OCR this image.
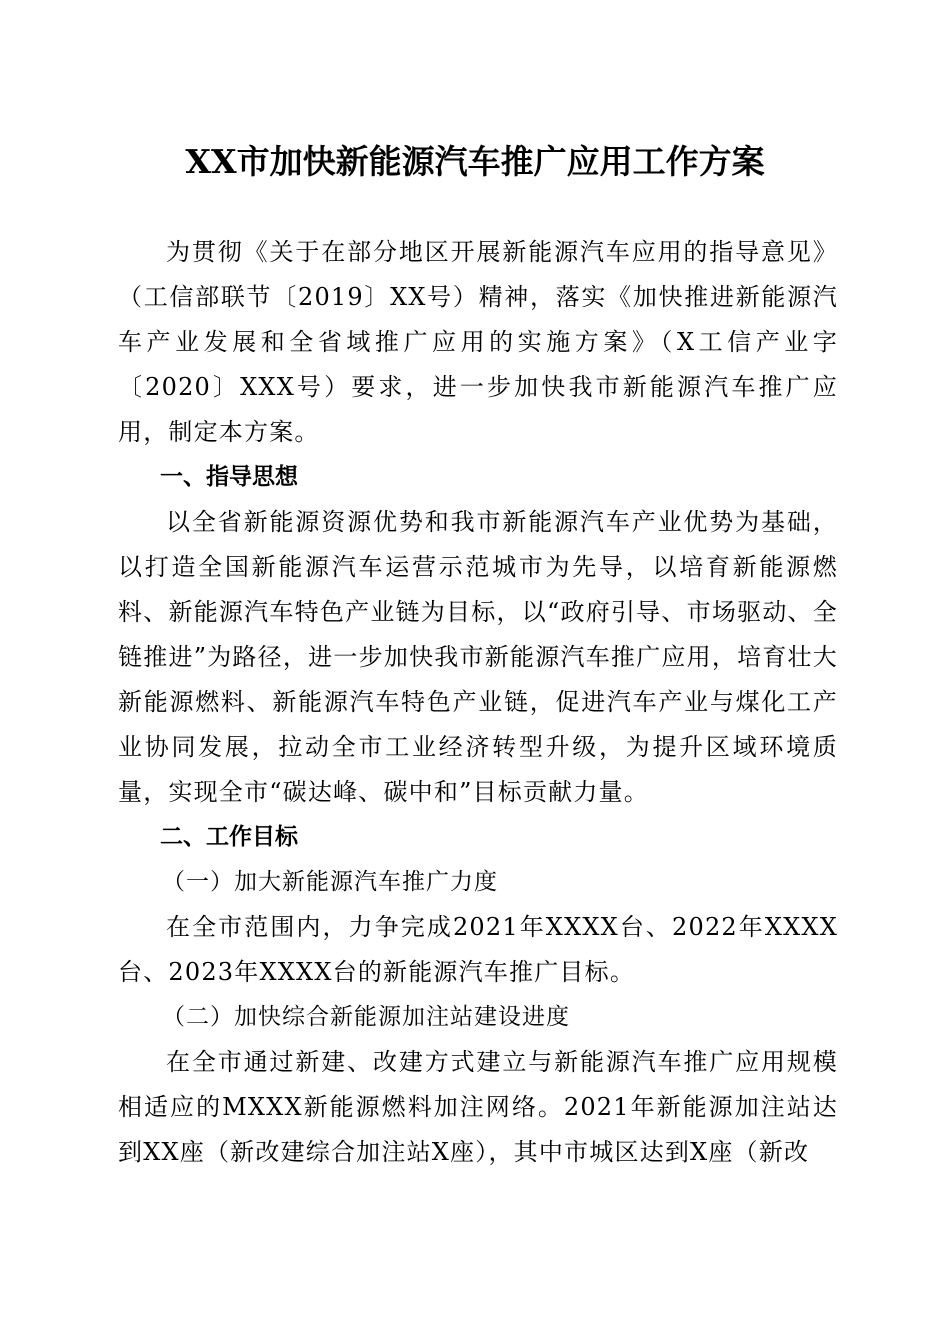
XX市加快新能源汽车推广应用工作方案

为贯彻《关于在部分地区开展新能源汽车应用的指导意见》（工信部联节〔2019〕XX号）精神，落实《加快推进新能源汽车产业发展和全省域推广应用的实施方案》（X工信产业字〔2020〕XXX号）要求，进一步加快我市新能源汽车推广应用，制定本方案。

一、指导思想

以全省新能源资源优势和我市新能源汽车产业优势为基础，以打造全国新能源汽车运营示范城市为先导，以培育新能源燃料、新能源汽车特色产业链为目标，以“政府引导、市场驱动、全链推进”为路径，进一步加快我市新能源汽车推广应用，培育壮大新能源燃料、新能源汽车特色产业链，促进汽车产业与煤化工产业协同发展，拉动全市工业经济转型升级，为提升区域环境质量，实现全市“碳达峰、碳中和”目标贡献力量。

二、工作目标
（一）加大新能源汽车推广力度

在全市范围内，力争完成2021年XXXX台、2022年XXXX台、2023年XXXX台的新能源汽车推广目标。

（二）加快综合新能源加注站建设进度

在全市通过新建、改建方式建立与新能源汽车推广应用规模相适应的MXXX新能源燃料加注网络。2021年新能源加注站达到XX座（新改建综合加注站X座），其中市城区达到X座（新改
